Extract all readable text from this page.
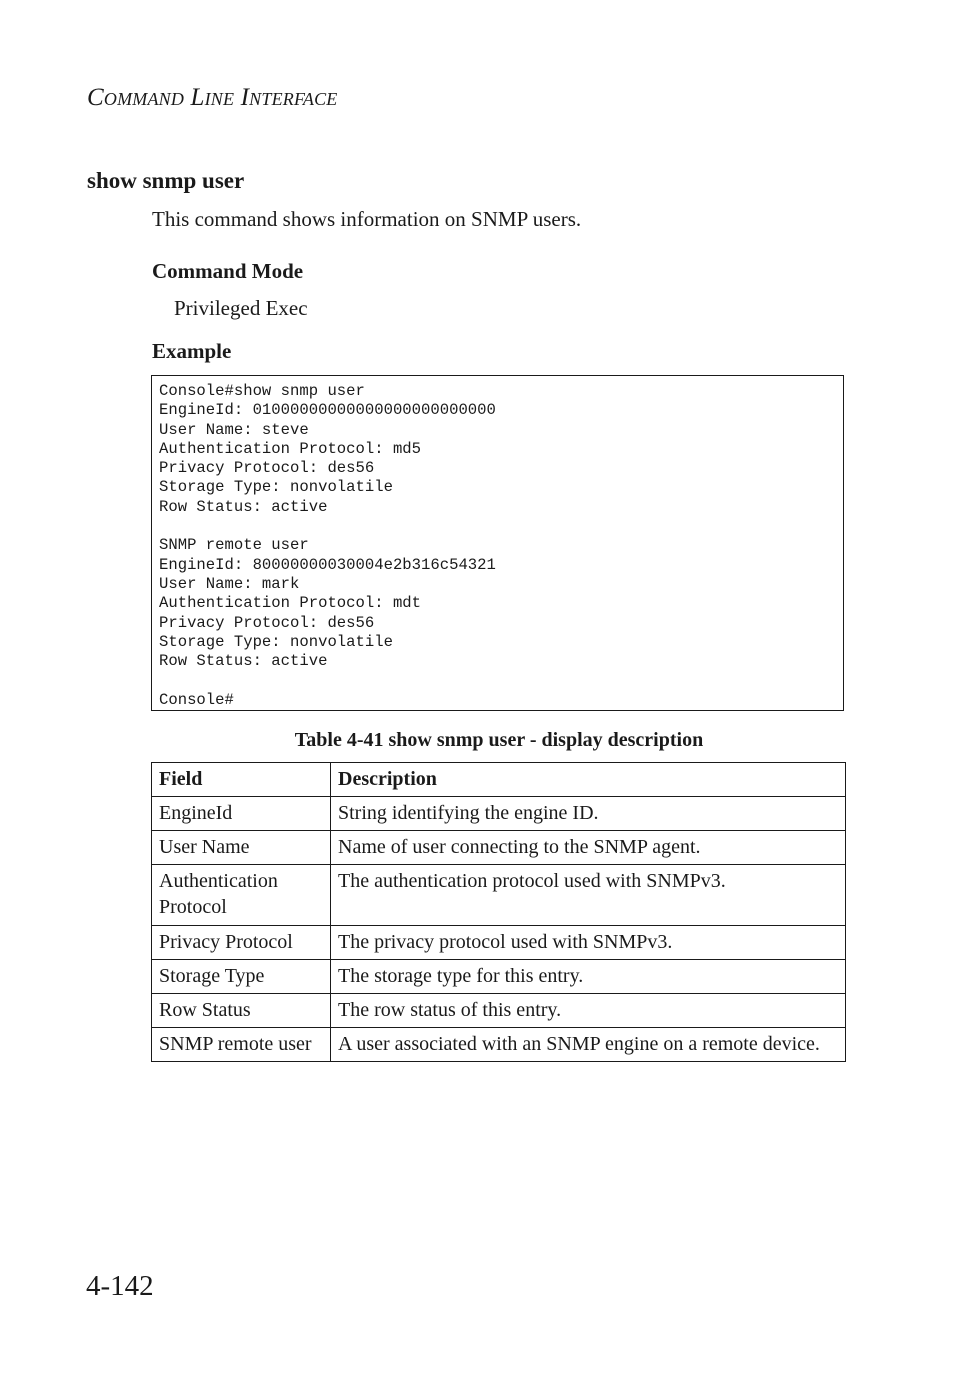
Command Line Interface
show snmp user
This command shows information on SNMP users.
Command Mode
Privileged Exec
Example
Console#show snmp user
EngineId: 01000000000000000000000000
User Name: steve
Authentication Protocol: md5
Privacy Protocol: des56
Storage Type: nonvolatile
Row Status: active
SNMP remote user
EngineId: 80000000030004e2b316c54321
User Name: mark
Authentication Protocol: mdt
Privacy Protocol: des56
Storage Type: nonvolatile
Row Status: active
Console#
Table 4-41 show snmp user - display description
Field	Description
EngineId	String identifying the engine ID.
User Name	Name of user connecting to the SNMP agent.
Authentication Protocol	The authentication protocol used with SNMPv3.
Privacy Protocol	The privacy protocol used with SNMPv3.
Storage Type	The storage type for this entry.
Row Status	The row status of this entry.
SNMP remote user	A user associated with an SNMP engine on a remote device.
4-142
